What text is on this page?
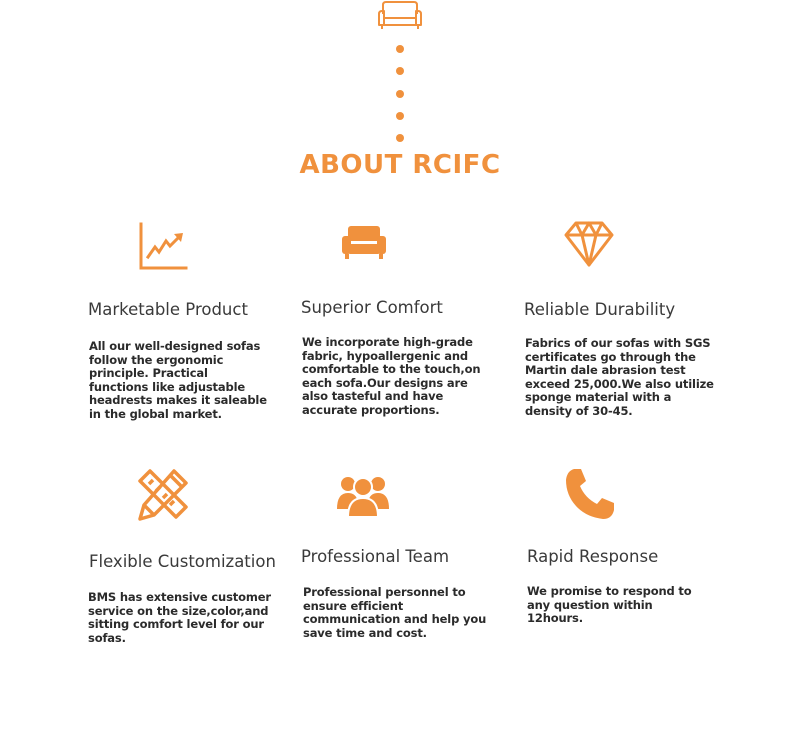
ABOUT RCIFC
Marketable Product
All our well-designed sofas follow the ergonomic principle. Practical functions like adjustable headrests makes it saleable in the global market.
Superior Comfort
We incorporate high-grade fabric, hypoallergenic and comfortable to the touch,on each sofa.Our designs are also tasteful and have accurate proportions.
Reliable Durability
Fabrics of our sofas with SGS certificates go through the Martin dale abrasion test exceed 25,000.We also utilize sponge material with a density of 30-45.
Flexible Customization
BMS has extensive customer service on the size,color,and sitting comfort level for our sofas.
Professional Team
Professional personnel to ensure efficient communication and help you save time and cost.
Rapid Response
We promise to respond to any question within 12hours.
